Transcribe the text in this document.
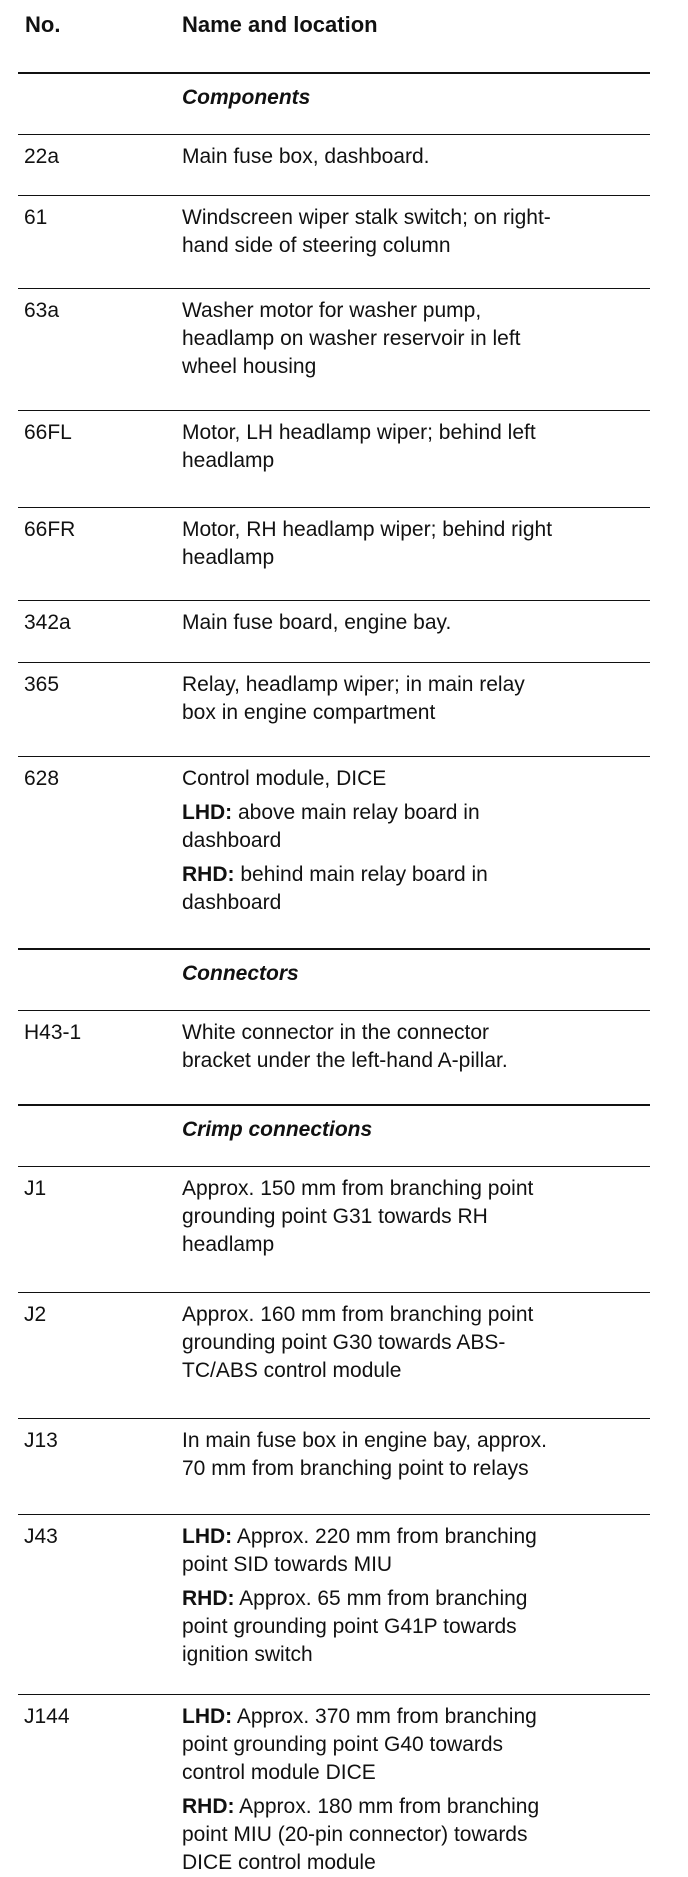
No.	Name and location
Components
22a	Main fuse box, dashboard.
61	Windscreen wiper stalk switch; on right-
hand side of steering column
63a	Washer motor for washer pump,
headlamp on washer reservoir in left
wheel housing
66FL	Motor, LH headlamp wiper; behind left
headlamp
66FR	Motor, RH headlamp wiper; behind right
headlamp
342a	Main fuse board, engine bay.
365	Relay, headlamp wiper; in main relay
box in engine compartment
628	Control module, DICE
LHD: above main relay board in
dashboard
RHD: behind main relay board in
dashboard
Connectors
H43-1	White connector in the connector
bracket under the left-hand A-pillar.
Crimp connections
J1	Approx. 150 mm from branching point
grounding point G31 towards RH
headlamp
J2	Approx. 160 mm from branching point
grounding point G30 towards ABS-
TC/ABS control module
J13	In main fuse box in engine bay, approx.
70 mm from branching point to relays
J43	LHD: Approx. 220 mm from branching
point SID towards MIU
RHD: Approx. 65 mm from branching
point grounding point G41P towards
ignition switch
J144	LHD: Approx. 370 mm from branching
point grounding point G40 towards
control module DICE
RHD: Approx. 180 mm from branching
point MIU (20-pin connector) towards
DICE control module
